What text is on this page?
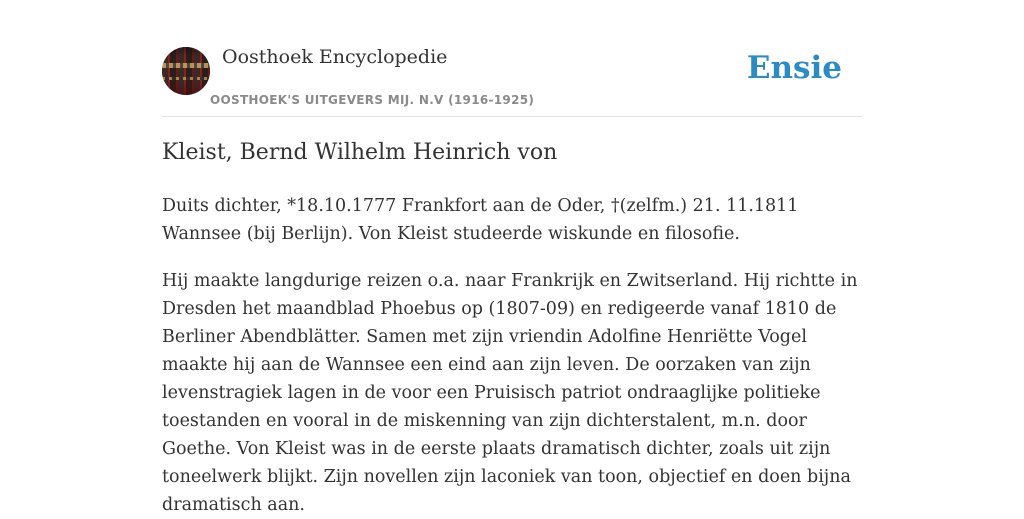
Oosthoek Encyclopedie
OOSTHOEK'S UITGEVERS MIJ. N.V (1916-1925)
Ensie
Kleist, Bernd Wilhelm Heinrich von

Duits dichter, *18.10.1777 Frankfort aan de Oder, †(zelfm.) 21. 11.1811 Wannsee (bij Berlijn). Von Kleist studeerde wiskunde en filosofie.

Hij maakte langdurige reizen o.a. naar Frankrijk en Zwitserland. Hij richtte in Dresden het maandblad Phoebus op (1807-09) en redigeerde vanaf 1810 de Berliner Abendblätter. Samen met zijn vriendin Adolfine Henriëtte Vogel maakte hij aan de Wannsee een eind aan zijn leven. De oorzaken van zijn levenstragiek lagen in de voor een Pruisisch patriot ondraaglijke politieke toestanden en vooral in de miskenning van zijn dichterstalent, m.n. door Goethe. Von Kleist was in de eerste plaats dramatisch dichter, zoals uit zijn toneelwerk blijkt. Zijn novellen zijn laconiek van toon, objectief en doen bijna dramatisch aan.
